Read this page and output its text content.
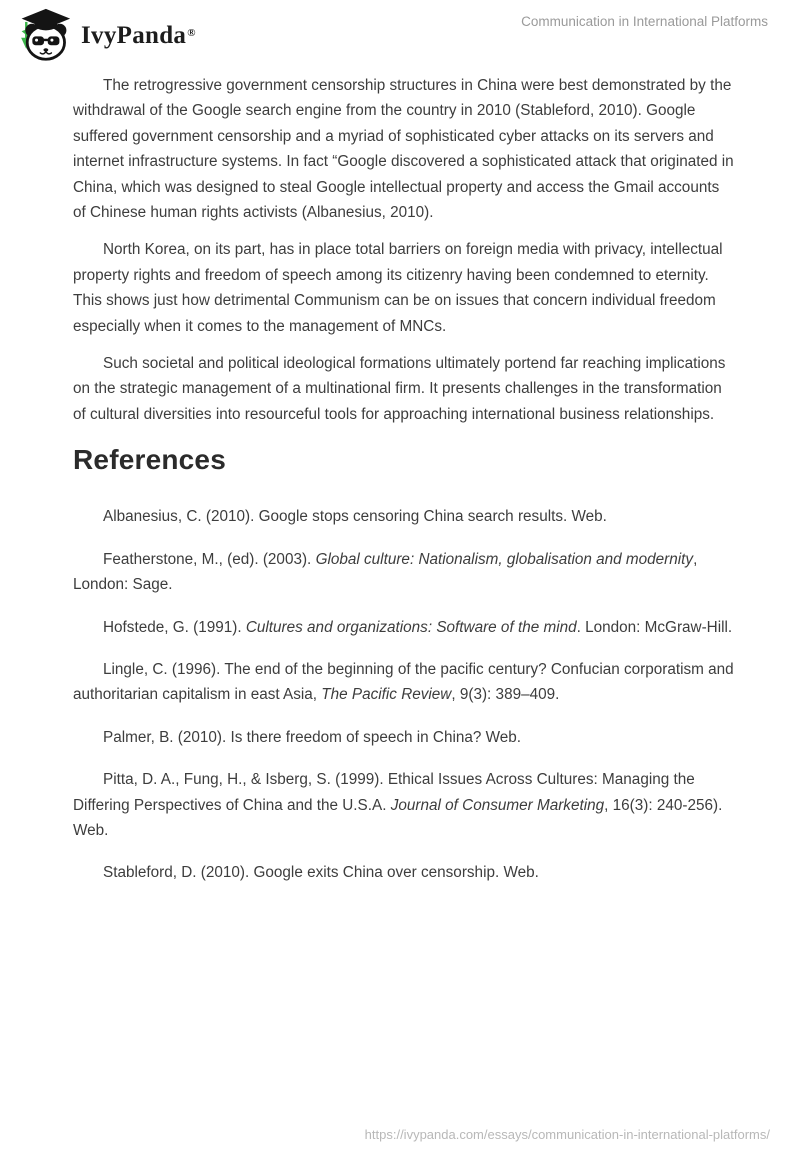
IvyPanda®
Communication in International Platforms

The retrogressive government censorship structures in China were best demonstrated by the withdrawal of the Google search engine from the country in 2010 (Stableford, 2010). Google suffered government censorship and a myriad of sophisticated cyber attacks on its servers and internet infrastructure systems. In fact “Google discovered a sophisticated attack that originated in China, which was designed to steal Google intellectual property and access the Gmail accounts of Chinese human rights activists (Albanesius, 2010).

North Korea, on its part, has in place total barriers on foreign media with privacy, intellectual property rights and freedom of speech among its citizenry having been condemned to eternity. This shows just how detrimental Communism can be on issues that concern individual freedom especially when it comes to the management of MNCs.

Such societal and political ideological formations ultimately portend far reaching implications on the strategic management of a multinational firm. It presents challenges in the transformation of cultural diversities into resourceful tools for approaching international business relationships.

References

Albanesius, C. (2010). Google stops censoring China search results. Web.

Featherstone, M., (ed). (2003). Global culture: Nationalism, globalisation and modernity, London: Sage.

Hofstede, G. (1991). Cultures and organizations: Software of the mind. London: McGraw-Hill.

Lingle, C. (1996). The end of the beginning of the pacific century? Confucian corporatism and authoritarian capitalism in east Asia, The Pacific Review, 9(3): 389–409.

Palmer, B. (2010). Is there freedom of speech in China? Web.

Pitta, D. A., Fung, H., & Isberg, S. (1999). Ethical Issues Across Cultures: Managing the Differing Perspectives of China and the U.S.A. Journal of Consumer Marketing, 16(3): 240-256). Web.

Stableford, D. (2010). Google exits China over censorship. Web.

https://ivypanda.com/essays/communication-in-international-platforms/
